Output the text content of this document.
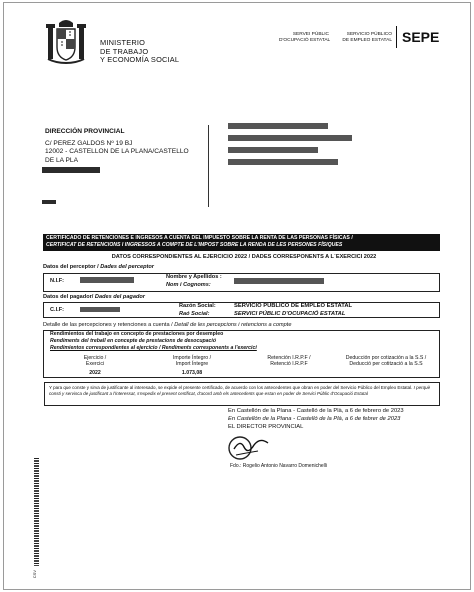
MINISTERIO
DE TRABAJO
Y ECONOMÍA SOCIAL
SERVEI PÚBLIC
D'OCUPACIÓ ESTATAL
SERVICIO PÚBLICO
DE EMPLEO ESTATAL SEPE
DIRECCIÓN PROVINCIAL
C/ PEREZ GALDOS Nº 19 BJ
12002 - CASTELLON DE LA PLANA/CASTELLO
DE LA PLA
CERTIFICADO DE RETENCIONES E INGRESOS A CUENTA DEL IMPUESTO SOBRE LA RENTA DE LAS PERSONAS FÍSICAS /
CERTIFICAT DE RETENCIONS I INGRESSOS A COMPTE DE L'IMPOST SOBRE LA RENDA DE LES PERSONES FÍSIQUES
DATOS CORRESPONDIENTES AL EJERCICIO 2022 / DADES CORRESPONENTS A L´EXERCICI 2022
Datos del perceptor / Dades del perceptor
N.I.F:
Nombre y Apellidos :
Nom i Cognoms:
Datos del pagador/ Dades del pagador
C.I.F:
Razón Social:
Raó Social:
SERVICIO PÚBLICO DE EMPLEO ESTATAL
SERVICI PÚBLIC D'OCUPACIÓ ESTATAL
Detalle de las percepciones y retenciones a cuenta / Detall de les percepcions i retencions a compte
Rendimientos del trabajo en concepto de prestaciones por desempleo
Rendiments del treball en concepte de prestacions de desocupació
Rendimientos correspondientes al ejercicio / Rendiments corresponents a l'exercici
Ejercicio /
Exercici
Importe Íntegro /
Import Íntegre
Retención I.R.P.F /
Retenció I.R.P.F
Deducción por cotización a la S.S /
Deducció per cotització a la S.S
2022	1.073,08
Y para que conste y sirva de justificante al interesado, se expide el presente certificado, de acuerdo con los antecedentes que obran en poder del Servicio Público del Empleo Estatal. I perquè consti y servisca de justificant a l'interessat, s'expedix el present certificat, d'acord amb els antecedents que estan en poder de Servici Públic d'Ocupació Estatal
En Castellón de la Plana - Castelló de la Plà, a 6 de febrero de 2023
En Castellón de la Plana - Castelló de la Plà, a 6 de febrer de 2023
EL DIRECTOR PROVINCIAL
Fdo.: Rogelio Antonio Navarro Domenichelli
CSV
